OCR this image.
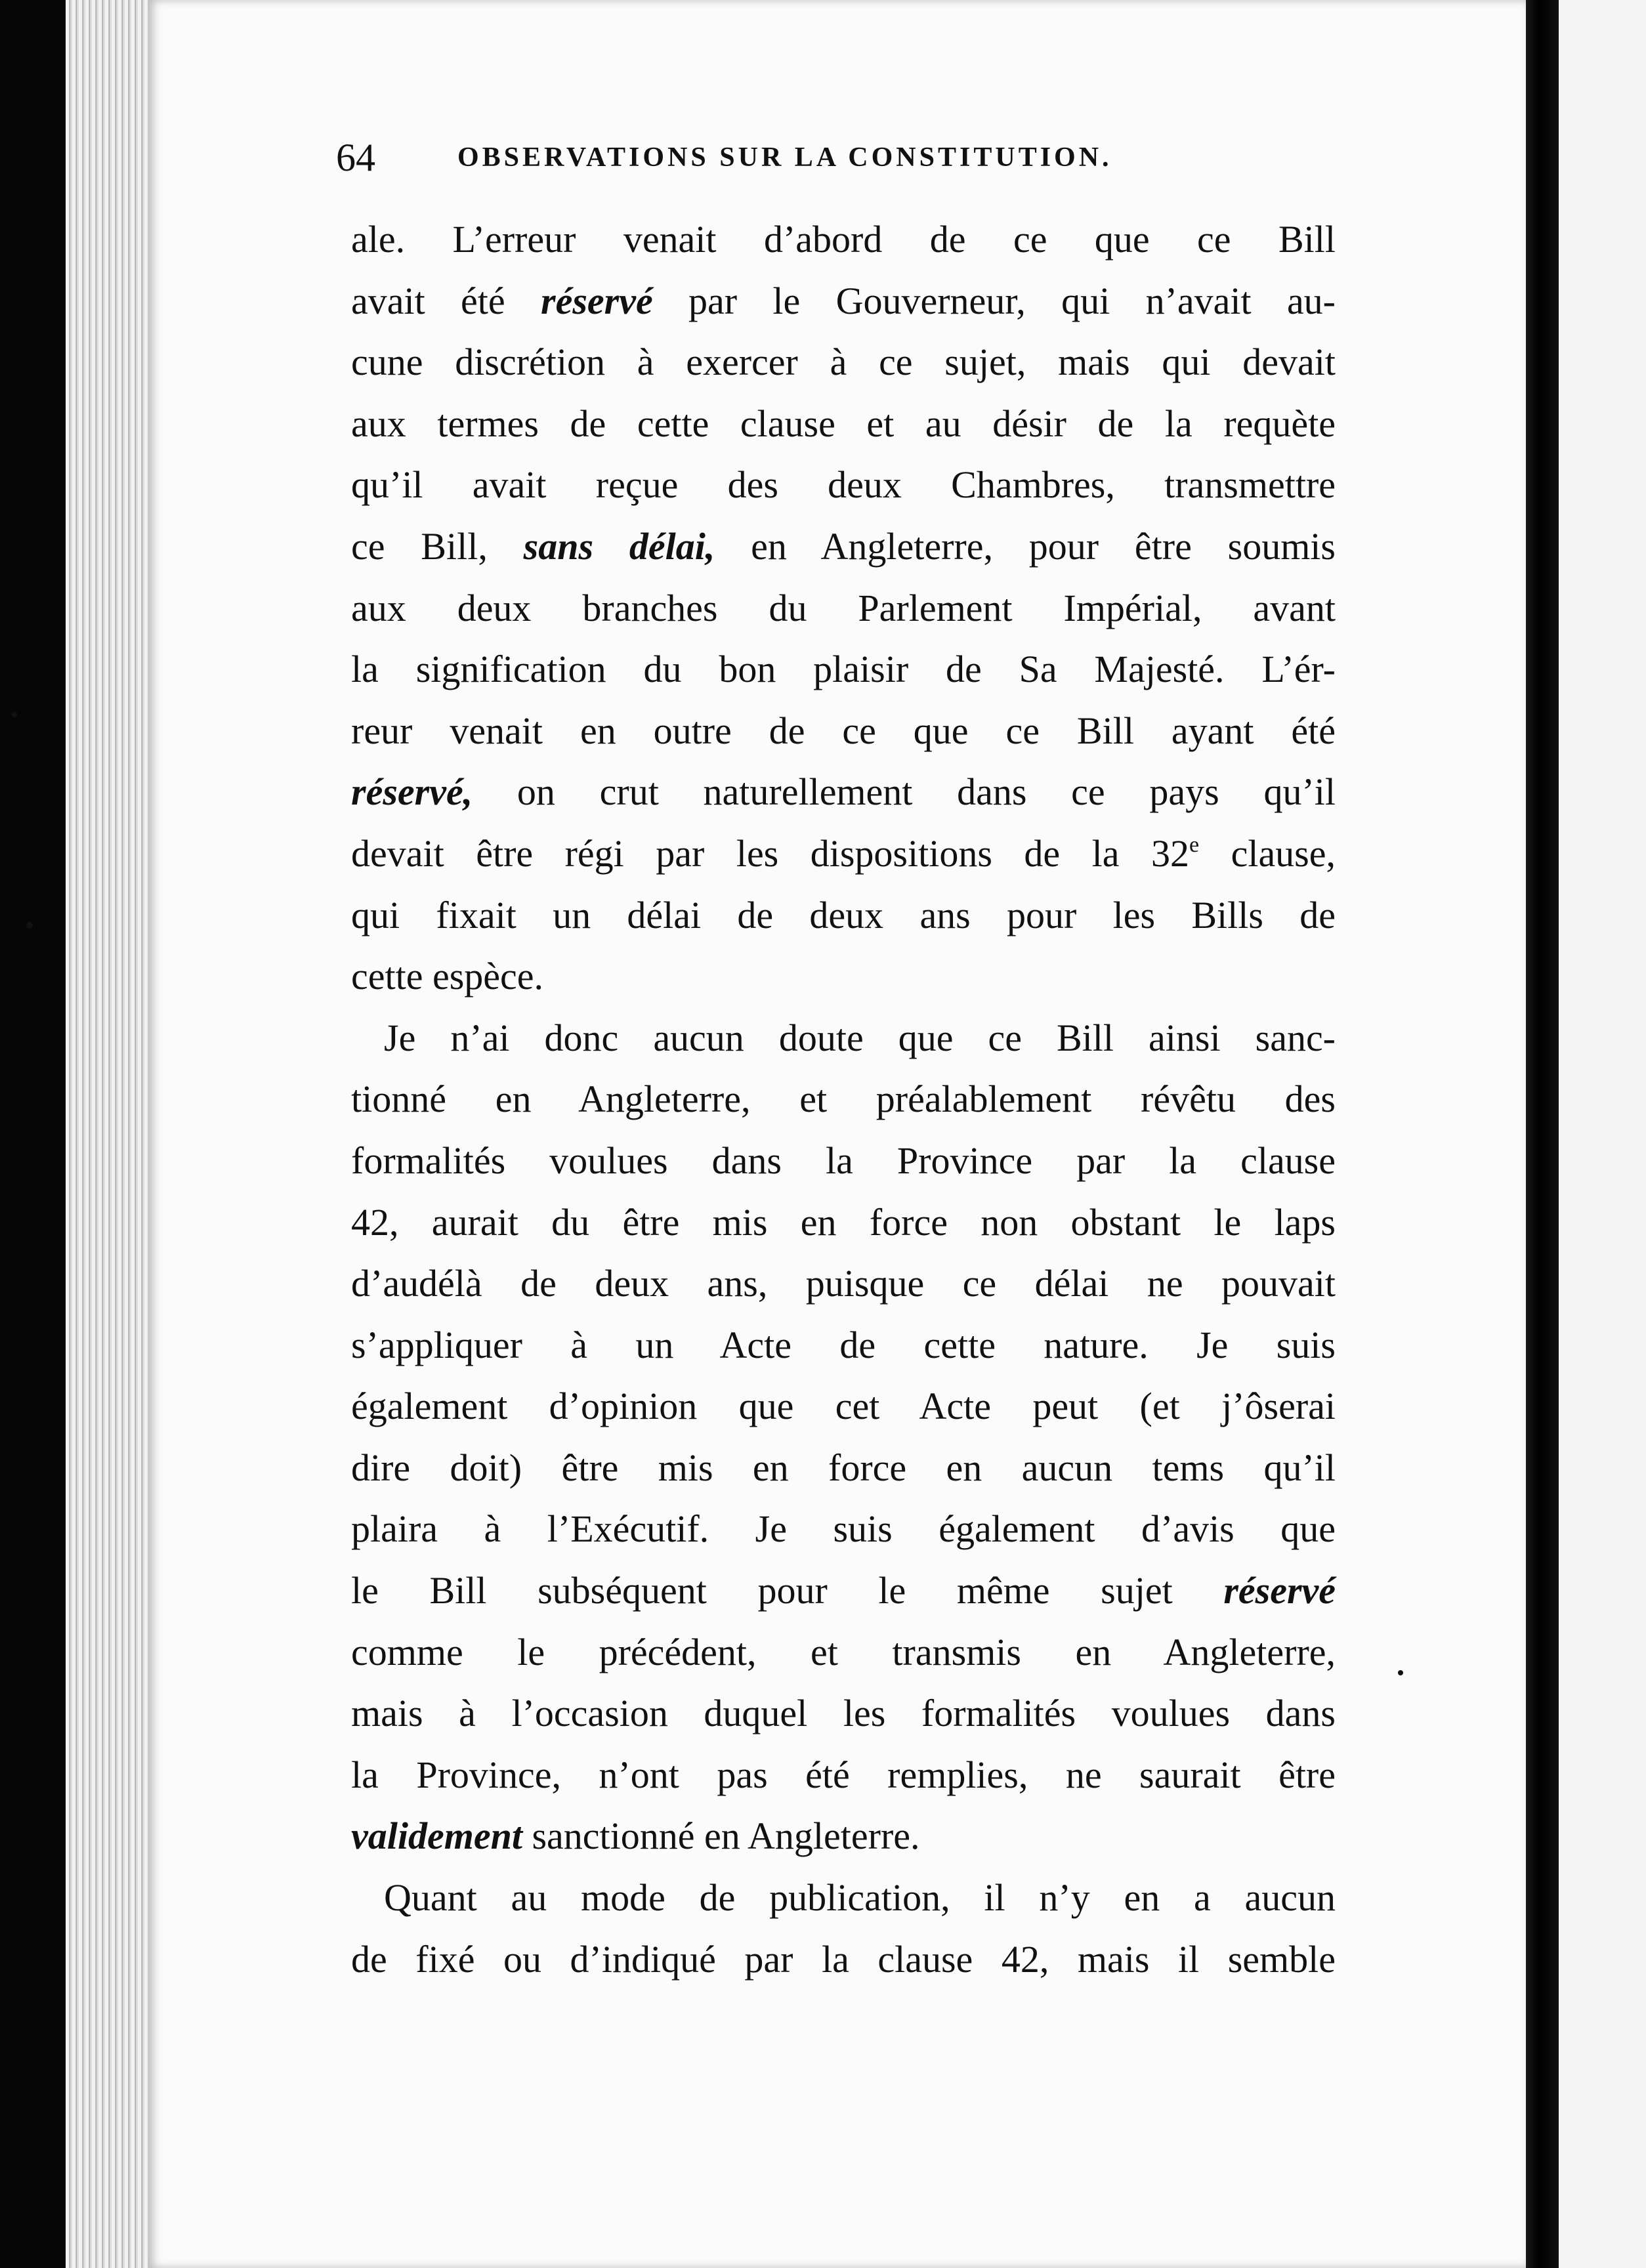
64	OBSERVATIONS SUR LA CONSTITUTION.
ale. L’erreur venait d’abord de ce que ce Bill
avait été réservé par le Gouverneur, qui n’avait au-
cune discrétion à exercer à ce sujet, mais qui devait
aux termes de cette clause et au désir de la requète
qu’il avait reçue des deux Chambres, transmettre
ce Bill, sans délai, en Angleterre, pour être soumis
aux deux branches du Parlement Impérial, avant
la signification du bon plaisir de Sa Majesté. L’ér-
reur venait en outre de ce que ce Bill ayant été
réservé, on crut naturellement dans ce pays qu’il
devait être régi par les dispositions de la 32e clause,
qui fixait un délai de deux ans pour les Bills de
cette espèce.
Je n’ai donc aucun doute que ce Bill ainsi sanc-
tionné en Angleterre, et préalablement révêtu des
formalités voulues dans la Province par la clause
42, aurait du être mis en force non obstant le laps
d’audélà de deux ans, puisque ce délai ne pouvait
s’appliquer à un Acte de cette nature. Je suis
également d’opinion que cet Acte peut (et j’ôserai
dire doit) être mis en force en aucun tems qu’il
plaira à l’Exécutif. Je suis également d’avis que
le Bill subséquent pour le même sujet réservé
comme le précédent, et transmis en Angleterre,
mais à l’occasion duquel les formalités voulues dans
la Province, n’ont pas été remplies, ne saurait être
validement sanctionné en Angleterre.
Quant au mode de publication, il n’y en a aucun
de fixé ou d’indiqué par la clause 42, mais il semble
